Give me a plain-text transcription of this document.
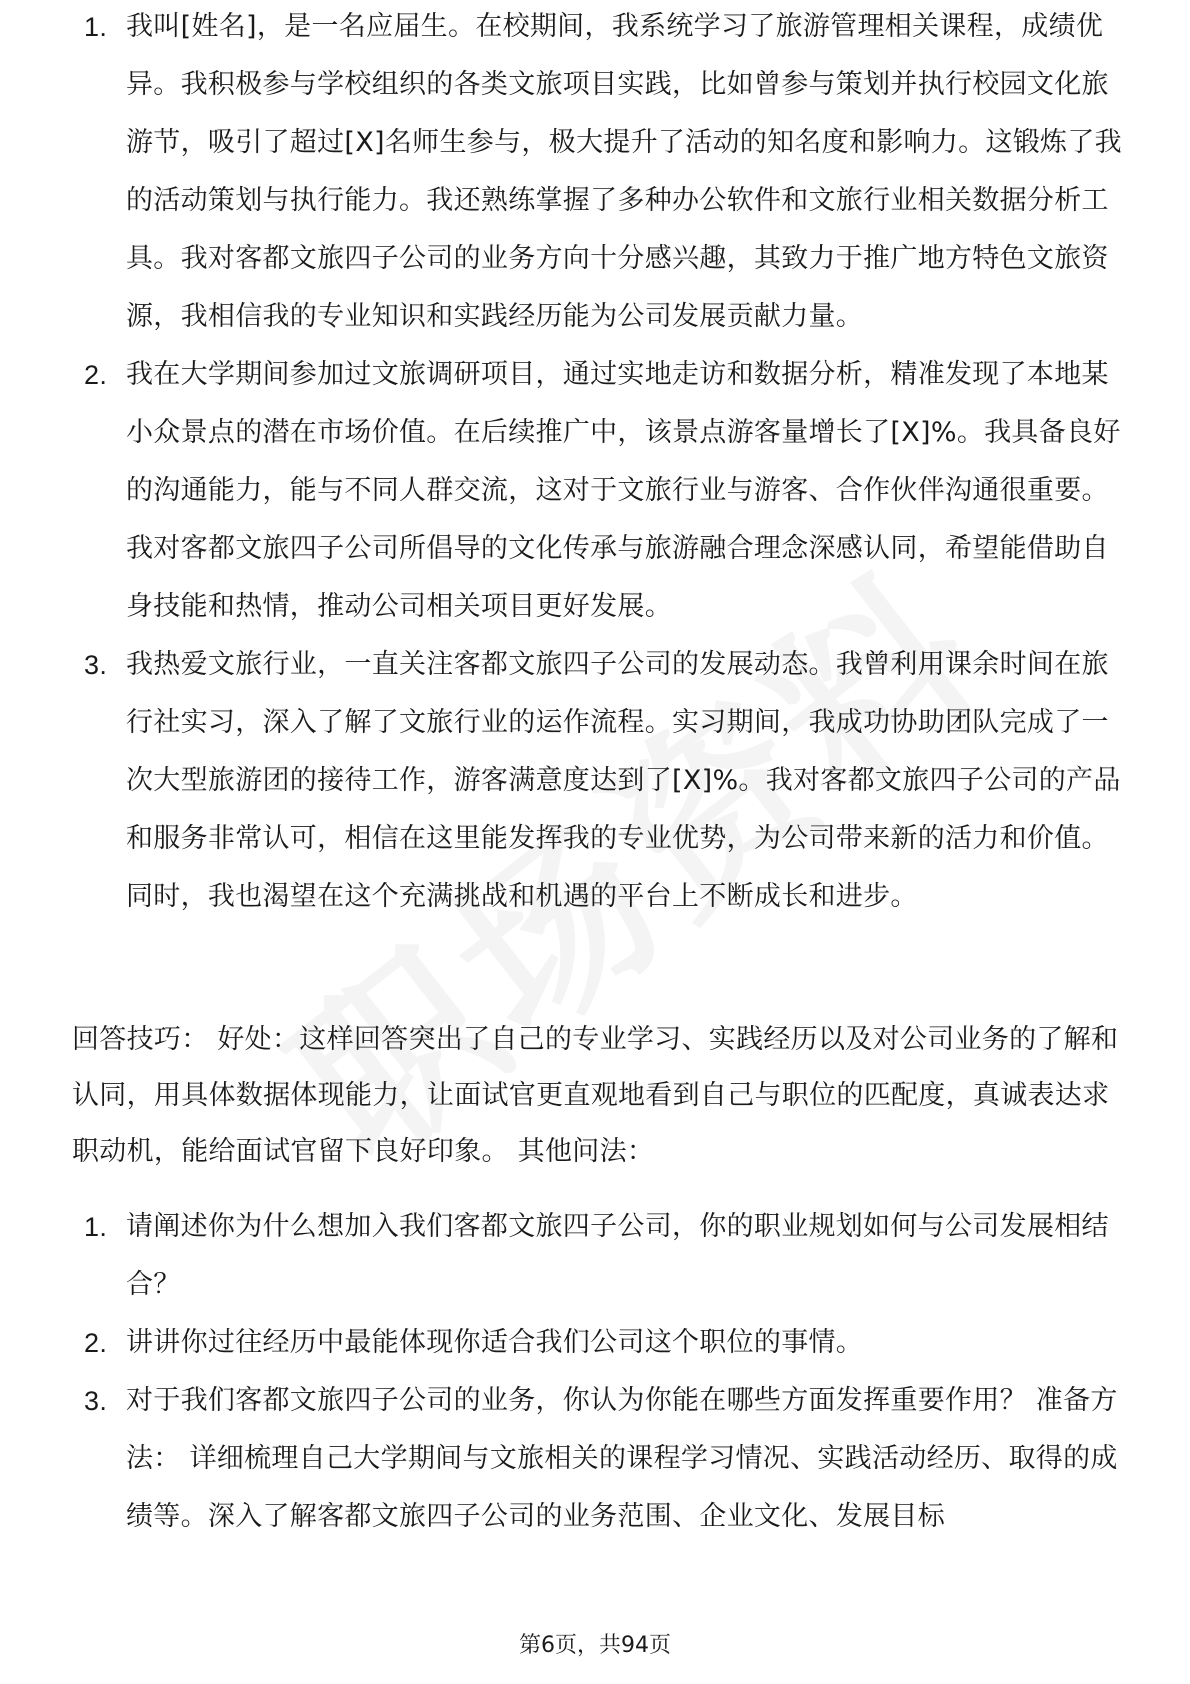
1. 我叫[姓名]，是一名应届生。在校期间，我系统学习了旅游管理相关课程，成绩优异。我积极参与学校组织的各类文旅项目实践，比如曾参与策划并执行校园文化旅游节，吸引了超过[X]名师生参与，极大提升了活动的知名度和影响力。这锻炼了我的活动策划与执行能力。我还熟练掌握了多种办公软件和文旅行业相关数据分析工具。我对客都文旅四子公司的业务方向十分感兴趣，其致力于推广地方特色文旅资源，我相信我的专业知识和实践经历能为公司发展贡献力量。
2. 我在大学期间参加过文旅调研项目，通过实地走访和数据分析，精准发现了本地某小众景点的潜在市场价值。在后续推广中，该景点游客量增长了[X]%。我具备良好的沟通能力，能与不同人群交流，这对于文旅行业与游客、合作伙伴沟通很重要。我对客都文旅四子公司所倡导的文化传承与旅游融合理念深感认同，希望能借助自身技能和热情，推动公司相关项目更好发展。
3. 我热爱文旅行业，一直关注客都文旅四子公司的发展动态。我曾利用课余时间在旅行社实习，深入了解了文旅行业的运作流程。实习期间，我成功协助团队完成了一次大型旅游团的接待工作，游客满意度达到了[X]%。我对客都文旅四子公司的产品和服务非常认可，相信在这里能发挥我的专业优势，为公司带来新的活力和价值。同时，我也渴望在这个充满挑战和机遇的平台上不断成长和进步。
回答技巧： 好处：这样回答突出了自己的专业学习、实践经历以及对公司业务的了解和认同，用具体数据体现能力，让面试官更直观地看到自己与职位的匹配度，真诚表达求职动机，能给面试官留下良好印象。 其他问法：
1. 请阐述你为什么想加入我们客都文旅四子公司，你的职业规划如何与公司发展相结合？
2. 讲讲你过往经历中最能体现你适合我们公司这个职位的事情。
3. 对于我们客都文旅四子公司的业务，你认为你能在哪些方面发挥重要作用？ 准备方法： 详细梳理自己大学期间与文旅相关的课程学习情况、实践活动经历、取得的成绩等。深入了解客都文旅四子公司的业务范围、企业文化、发展目标
第6页，共94页
